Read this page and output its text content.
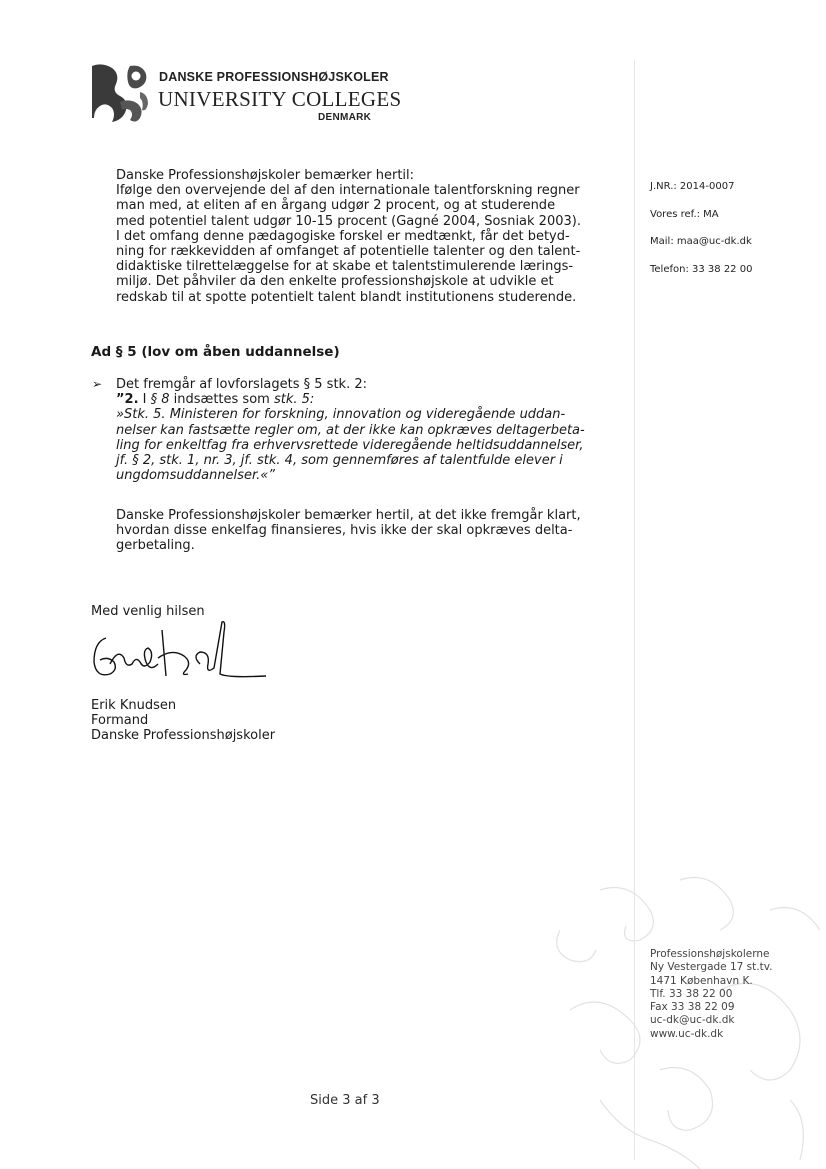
DANSKE PROFESSIONSHØJSKOLER
UNIVERSITY COLLEGES
DENMARK
J.NR.: 2014-0007
Vores ref.: MA
Mail: maa@uc-dk.dk
Telefon: 33 38 22 00

Danske Professionshøjskoler bemærker hertil:

Ifølge den overvejende del af den internationale talentforskning regner

man med, at eliten af en årgang udgør 2 procent, og at studerende

med potentiel talent udgør 10-15 procent (Gagné 2004, Sosniak 2003).

I det omfang denne pædagogiske forskel er medtænkt, får det betyd-

ning for rækkevidden af omfanget af potentielle talenter og den talent-

didaktiske tilrettelæggelse for at skabe et talentstimulerende lærings-

miljø. Det påhviler da den enkelte professionshøjskole at udvikle et

redskab til at spotte potentielt talent blandt institutionens studerende.

Ad § 5 (lov om åben uddannelse)
➢ Det fremgår af lovforslagets § 5 stk. 2:

”2. I § 8 indsættes som stk. 5:

»Stk. 5. Ministeren for forskning, innovation og videregående uddan-

nelser kan fastsætte regler om, at der ikke kan opkræves deltagerbeta-

ling for enkeltfag fra erhvervsrettede videregående heltidsuddannelser,

jf. § 2, stk. 1, nr. 3, jf. stk. 4, som gennemføres af talentfulde elever i

ungdomsuddannelser.«”

Danske Professionshøjskoler bemærker hertil, at det ikke fremgår klart,

hvordan disse enkelfag finansieres, hvis ikke der skal opkræves delta-

gerbetaling.

Med venlig hilsen

Erik Knudsen

Formand

Danske Professionshøjskoler

Professionshøjskolerne
Ny Vestergade 17 st.tv.
1471 København K.
Tlf. 33 38 22 00
Fax 33 38 22 09
uc-dk@uc-dk.dk
www.uc-dk.dk
Side 3 af 3
